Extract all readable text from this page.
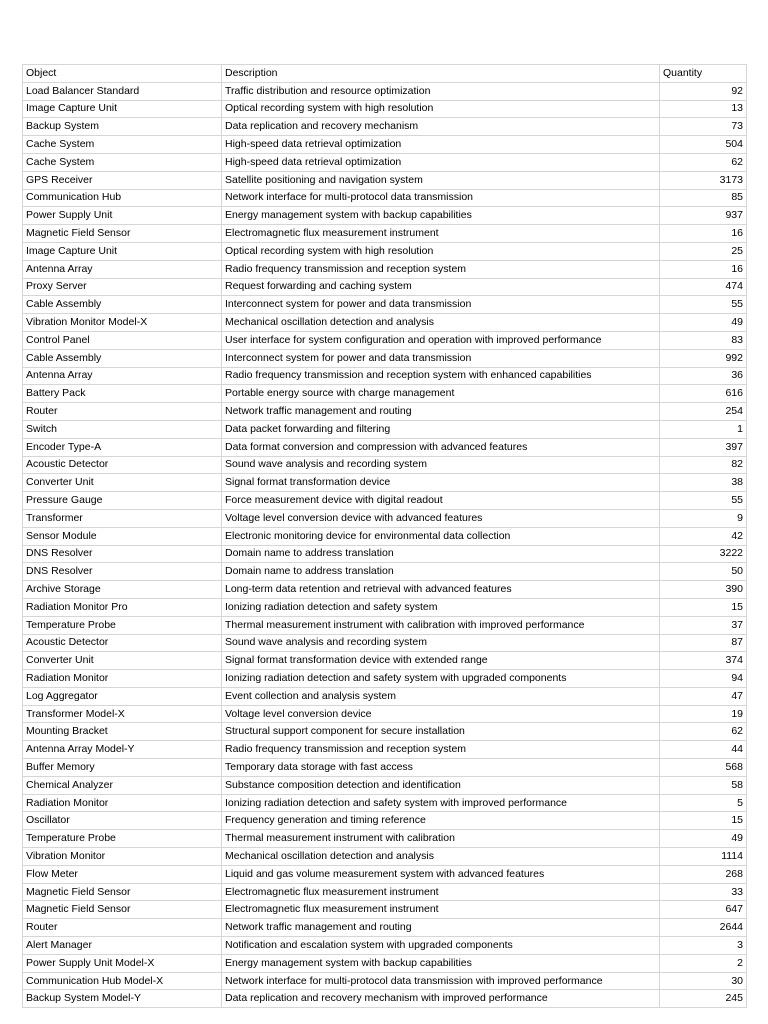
Object	Description	Quantity
Load Balancer Standard	Traffic distribution and resource optimization	92
Image Capture Unit	Optical recording system with high resolution	13
Backup System	Data replication and recovery mechanism	73
Cache System	High-speed data retrieval optimization	504
Cache System	High-speed data retrieval optimization	62
GPS Receiver	Satellite positioning and navigation system	3173
Communication Hub	Network interface for multi-protocol data transmission	85
Power Supply Unit	Energy management system with backup capabilities	937
Magnetic Field Sensor	Electromagnetic flux measurement instrument	16
Image Capture Unit	Optical recording system with high resolution	25
Antenna Array	Radio frequency transmission and reception system	16
Proxy Server	Request forwarding and caching system	474
Cable Assembly	Interconnect system for power and data transmission	55
Vibration Monitor Model-X	Mechanical oscillation detection and analysis	49
Control Panel	User interface for system configuration and operation with improved performance	83
Cable Assembly	Interconnect system for power and data transmission	992
Antenna Array	Radio frequency transmission and reception system with enhanced capabilities	36
Battery Pack	Portable energy source with charge management	616
Router	Network traffic management and routing	254
Switch	Data packet forwarding and filtering	1
Encoder Type-A	Data format conversion and compression with advanced features	397
Acoustic Detector	Sound wave analysis and recording system	82
Converter Unit	Signal format transformation device	38
Pressure Gauge	Force measurement device with digital readout	55
Transformer	Voltage level conversion device with advanced features	9
Sensor Module	Electronic monitoring device for environmental data collection	42
DNS Resolver	Domain name to address translation	3222
DNS Resolver	Domain name to address translation	50
Archive Storage	Long-term data retention and retrieval with advanced features	390
Radiation Monitor Pro	Ionizing radiation detection and safety system	15
Temperature Probe	Thermal measurement instrument with calibration with improved performance	37
Acoustic Detector	Sound wave analysis and recording system	87
Converter Unit	Signal format transformation device with extended range	374
Radiation Monitor	Ionizing radiation detection and safety system with upgraded components	94
Log Aggregator	Event collection and analysis system	47
Transformer Model-X	Voltage level conversion device	19
Mounting Bracket	Structural support component for secure installation	62
Antenna Array Model-Y	Radio frequency transmission and reception system	44
Buffer Memory	Temporary data storage with fast access	568
Chemical Analyzer	Substance composition detection and identification	58
Radiation Monitor	Ionizing radiation detection and safety system with improved performance	5
Oscillator	Frequency generation and timing reference	15
Temperature Probe	Thermal measurement instrument with calibration	49
Vibration Monitor	Mechanical oscillation detection and analysis	1114
Flow Meter	Liquid and gas volume measurement system with advanced features	268
Magnetic Field Sensor	Electromagnetic flux measurement instrument	33
Magnetic Field Sensor	Electromagnetic flux measurement instrument	647
Router	Network traffic management and routing	2644
Alert Manager	Notification and escalation system with upgraded components	3
Power Supply Unit Model-X	Energy management system with backup capabilities	2
Communication Hub Model-X	Network interface for multi-protocol data transmission with improved performance	30
Backup System Model-Y	Data replication and recovery mechanism with improved performance	245
